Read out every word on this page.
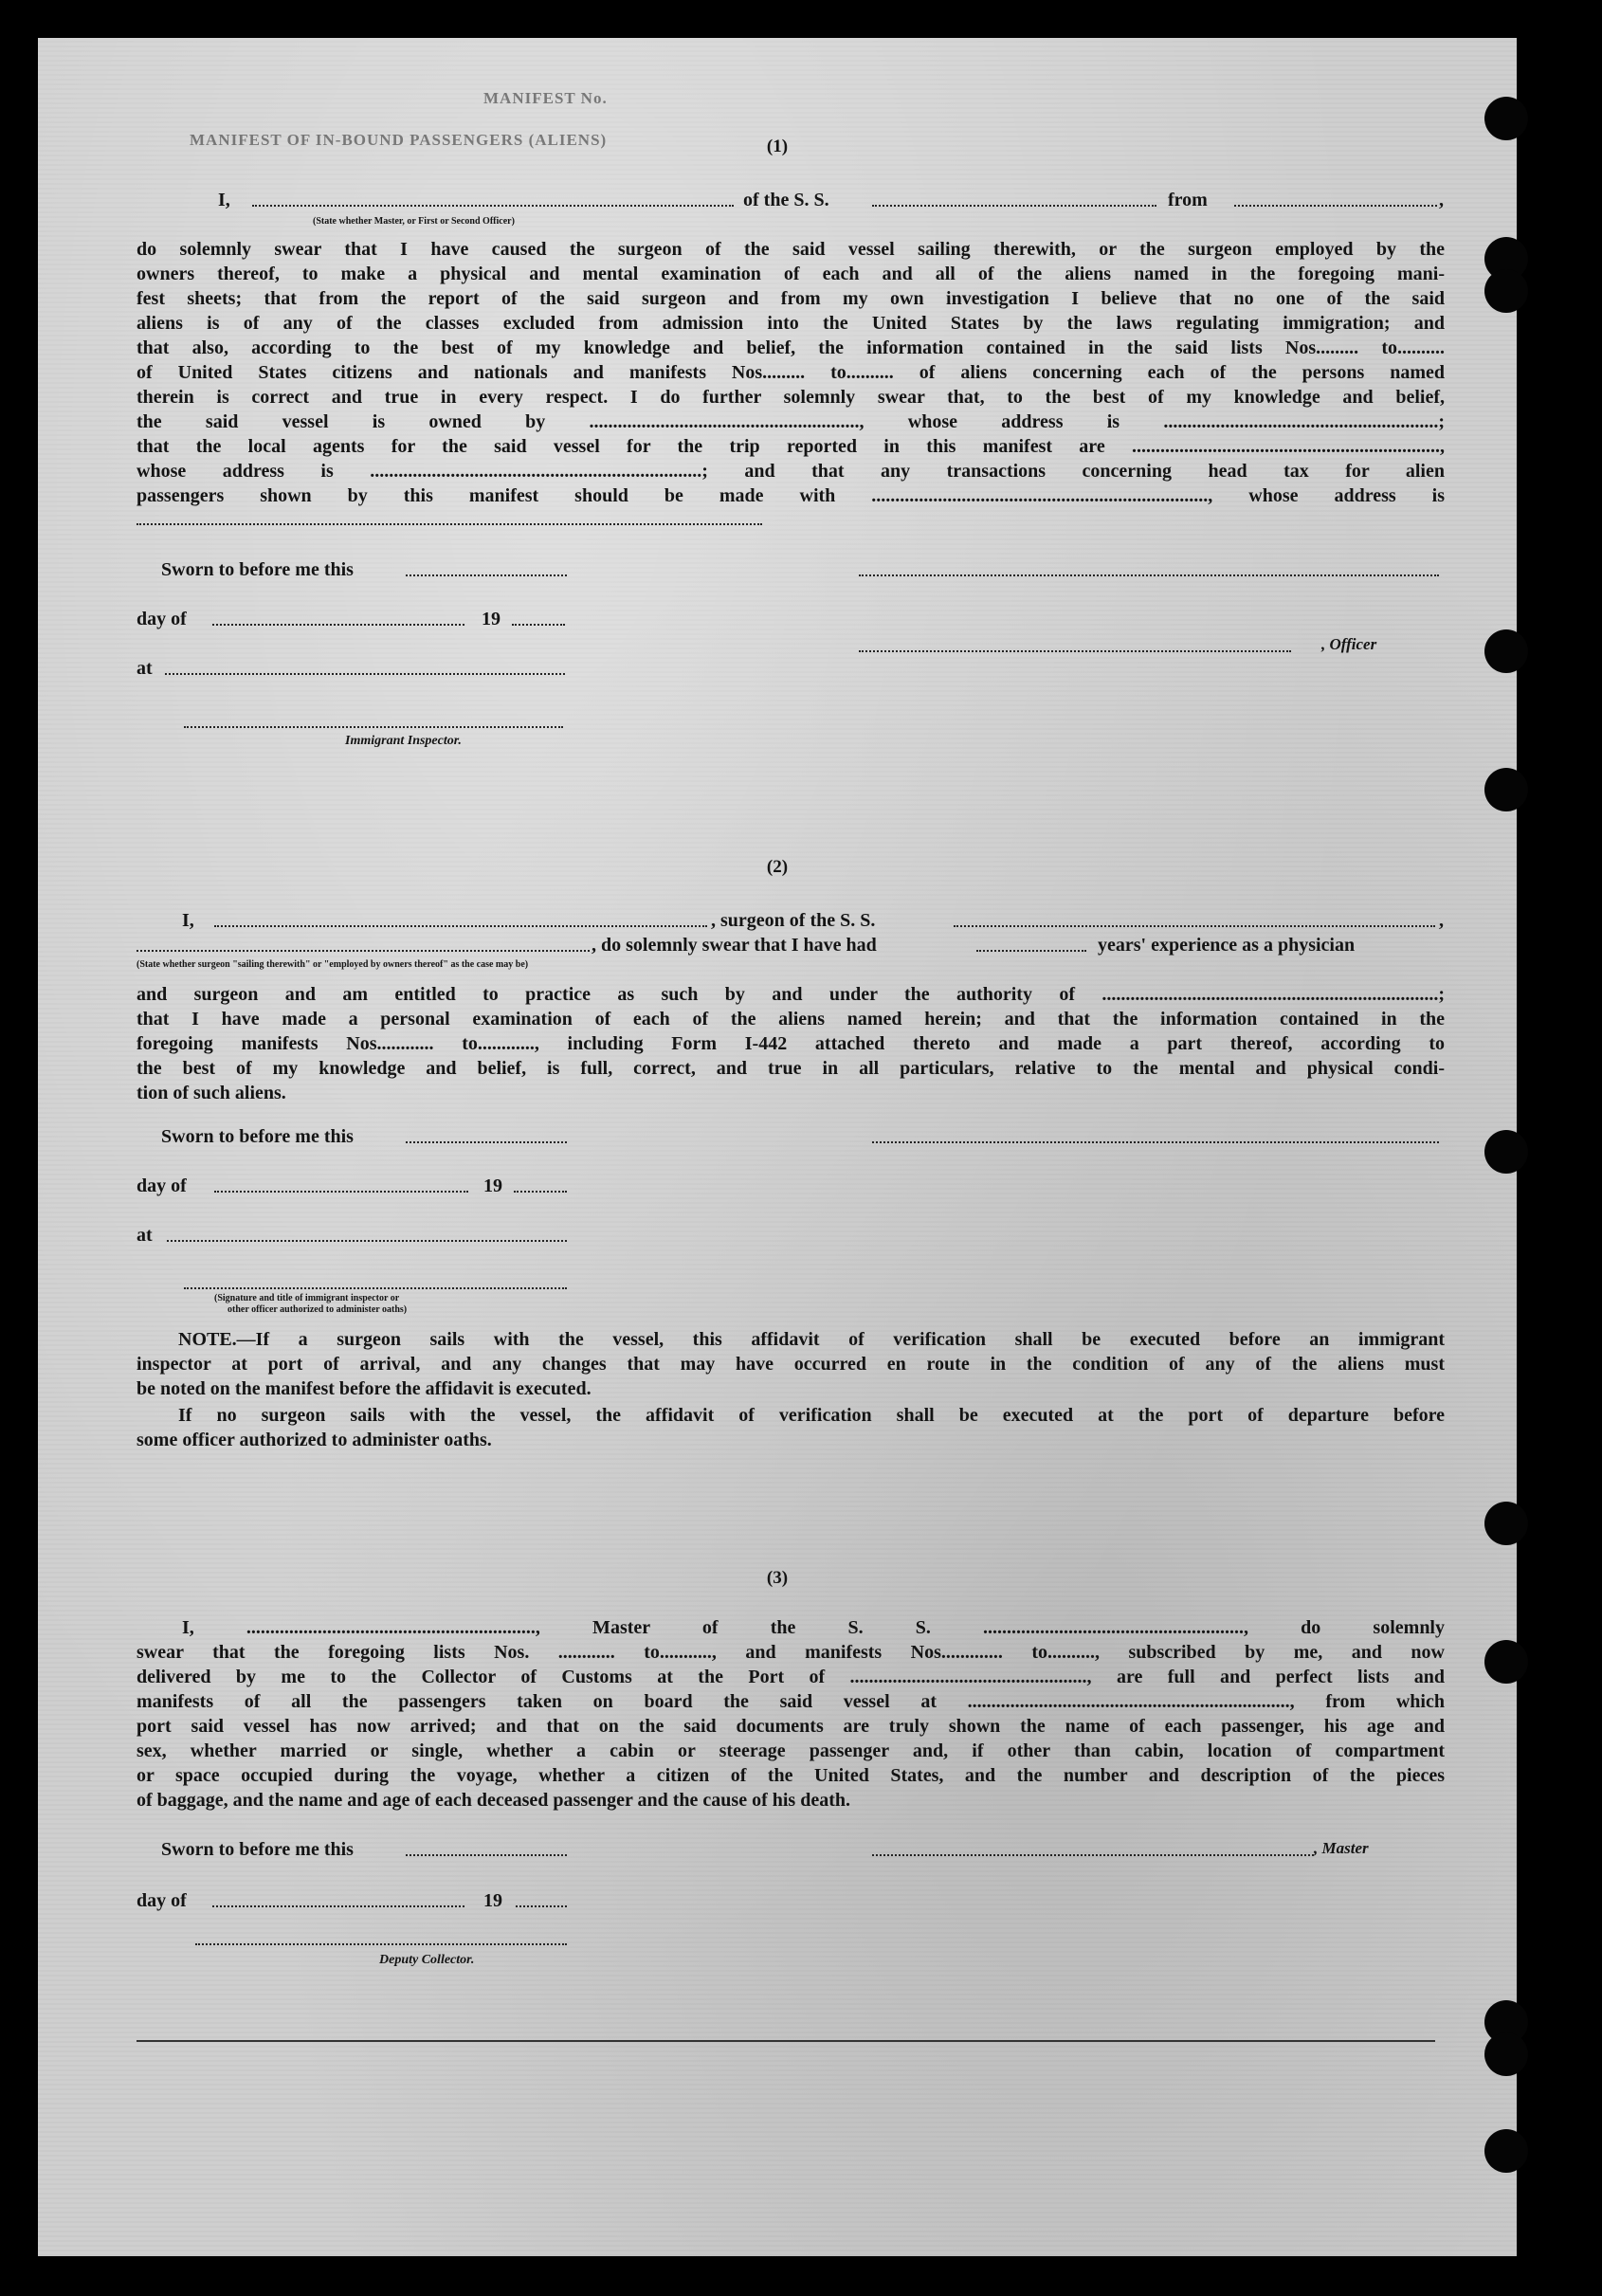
MANIFEST No.
MANIFEST OF IN-BOUND PASSENGERS (ALIENS)	(1)
I,	of the S. S.	from	,
(State whether Master, or First or Second Officer)
do solemnly swear that I have caused the surgeon of the said vessel sailing therewith, or the surgeon employed by the
owners thereof, to make a physical and mental examination of each and all of the aliens named in the foregoing mani-
fest sheets; that from the report of the said surgeon and from my own investigation I believe that no one of the said
aliens is of any of the classes excluded from admission into the United States by the laws regulating immigration; and
that also, according to the best of my knowledge and belief, the information contained in the said lists Nos......... to..........
of United States citizens and nationals and manifests Nos......... to.......... of aliens concerning each of the persons named
therein is correct and true in every respect. I do further solemnly swear that, to the best of my knowledge and belief,
the said vessel is owned by ........................................................., whose address is ..........................................................;
that the local agents for the said vessel for the trip reported in this manifest are .................................................................,
whose address is ......................................................................; and that any transactions concerning head tax for alien
passengers shown by this manifest should be made with ......................................................................., whose address is
Sworn to before me this
day of	19
, Officer
at
Immigrant Inspector.
(2)
I,	, surgeon of the S. S.	,
, do solemnly swear that I have had	years' experience as a physician
(State whether surgeon "sailing therewith" or "employed by owners thereof" as the case may be)
and surgeon and am entitled to practice as such by and under the authority of .......................................................................;
that I have made a personal examination of each of the aliens named herein; and that the information contained in the
foregoing manifests Nos............ to............, including Form I-442 attached thereto and made a part thereof, according to
the best of my knowledge and belief, is full, correct, and true in all particulars, relative to the mental and physical condi-
tion of such aliens.
Sworn to before me this
day of	19
at
(Signature and title of immigrant inspector or
other officer authorized to administer oaths)
NOTE.—If a surgeon sails with the vessel, this affidavit of verification shall be executed before an immigrant
inspector at port of arrival, and any changes that may have occurred en route in the condition of any of the aliens must
be noted on the manifest before the affidavit is executed.
If no surgeon sails with the vessel, the affidavit of verification shall be executed at the port of departure before
some officer authorized to administer oaths.
(3)
I, ............................................................., Master of the S. S. ......................................................., do solemnly
swear that the foregoing lists Nos. ............ to..........., and manifests Nos............. to.........., subscribed by me, and now
delivered by me to the Collector of Customs at the Port of .................................................., are full and perfect lists and
manifests of all the passengers taken on board the said vessel at ...................................................................., from which
port said vessel has now arrived; and that on the said documents are truly shown the name of each passenger, his age and
sex, whether married or single, whether a cabin or steerage passenger and, if other than cabin, location of compartment
or space occupied during the voyage, whether a citizen of the United States, and the number and description of the pieces
of baggage, and the name and age of each deceased passenger and the cause of his death.
Sworn to before me this	, Master
day of	19
Deputy Collector.
